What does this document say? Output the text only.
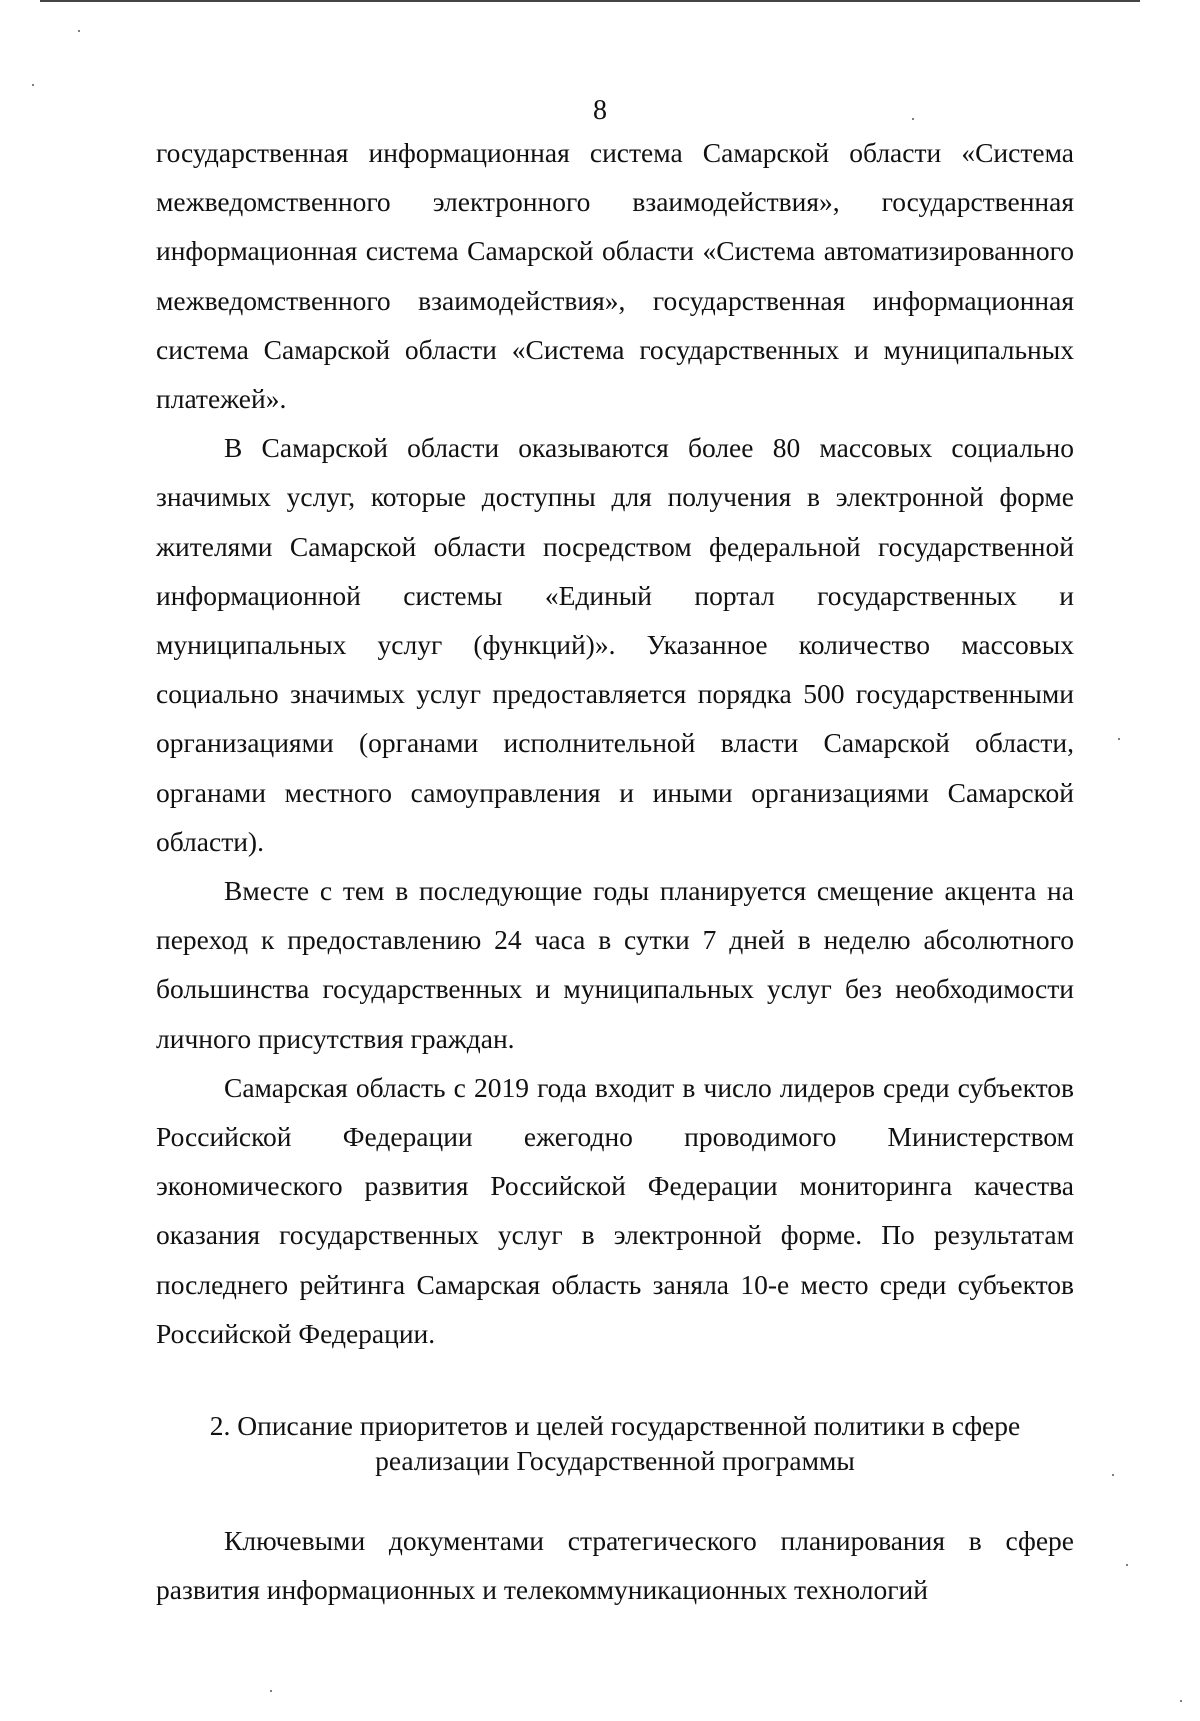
8

государственная информационная система Самарской области «Система межведомственного электронного взаимодействия», государственная информационная система Самарской области «Система автоматизированного межведомственного взаимодействия», государственная информационная система Самарской области «Система государственных и муниципальных платежей».

В Самарской области оказываются более 80 массовых социально значимых услуг, которые доступны для получения в электронной форме жителями Самарской области посредством федеральной государственной информационной системы «Единый портал государственных и муниципальных услуг (функций)». Указанное количество массовых социально значимых услуг предоставляется порядка 500 государственными организациями (органами исполнительной власти Самарской области, органами местного самоуправления и иными организациями Самарской области).

Вместе с тем в последующие годы планируется смещение акцента на переход к предоставлению 24 часа в сутки 7 дней в неделю абсолютного большинства государственных и муниципальных услуг без необходимости личного присутствия граждан.

Самарская область с 2019 года входит в число лидеров среди субъектов Российской Федерации ежегодно проводимого Министерством экономического развития Российской Федерации мониторинга качества оказания государственных услуг в электронной форме. По результатам последнего рейтинга Самарская область заняла 10-е место среди субъектов Российской Федерации.

2. Описание приоритетов и целей государственной политики в сфере реализации Государственной программы

Ключевыми документами стратегического планирования в сфере развития информационных и телекоммуникационных технологий
